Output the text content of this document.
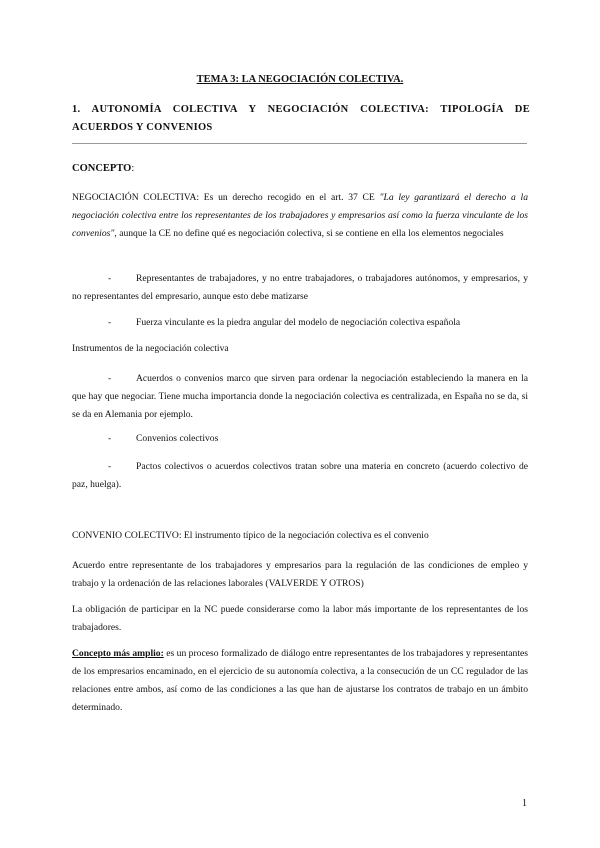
TEMA 3: LA NEGOCIACIÓN COLECTIVA.
1. AUTONOMÍA COLECTIVA Y NEGOCIACIÓN COLECTIVA: TIPOLOGÍA DE ACUERDOS Y CONVENIOS
CONCEPTO:
NEGOCIACIÓN COLECTIVA: Es un derecho recogido en el art. 37 CE "La ley garantizará el derecho a la negociación colectiva entre los representantes de los trabajadores y empresarios así como la fuerza vinculante de los convenios", aunque la CE no define qué es negociación colectiva, si se contiene en ella los elementos negociales
-	Representantes de trabajadores, y no entre trabajadores, o trabajadores autónomos, y empresarios, y no representantes del empresario, aunque esto debe matizarse
-	Fuerza vinculante es la piedra angular del modelo de negociación colectiva española
Instrumentos de la negociación colectiva
-	Acuerdos o convenios marco que sirven para ordenar la negociación estableciendo la manera en la que hay que negociar. Tiene mucha importancia donde la negociación colectiva es centralizada, en España no se da, si se da en Alemania por ejemplo.
-	Convenios colectivos
-	Pactos colectivos o acuerdos colectivos tratan sobre una materia en concreto (acuerdo colectivo de paz, huelga).
CONVENIO COLECTIVO: El instrumento típico de la negociación colectiva es el convenio
Acuerdo entre representante de los trabajadores y empresarios para la regulación de las condiciones de empleo y trabajo y la ordenación de las relaciones laborales (VALVERDE Y OTROS)
La obligación de participar en la NC puede considerarse como la labor más importante de los representantes de los trabajadores.
Concepto más amplio: es un proceso formalizado de diálogo entre representantes de los trabajadores y representantes de los empresarios encaminado, en el ejercicio de su autonomía colectiva, a la consecución de un CC regulador de las relaciones entre ambos, así como de las condiciones a las que han de ajustarse los contratos de trabajo en un ámbito determinado.
1
